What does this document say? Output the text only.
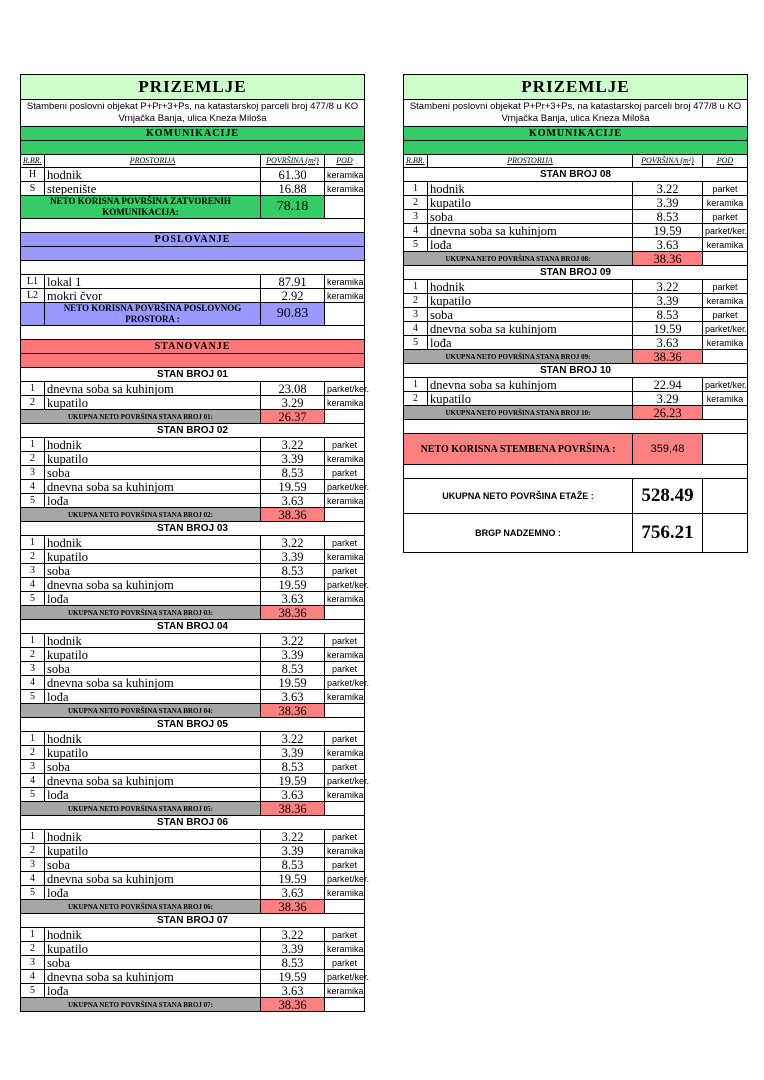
PRIZEMLJE			
Stambeni poslovni objekat P+Pr+3+Ps, na katastarskoj parceli broj 477/8 u KO Vrnjačka Banja, ulica Kneza Miloša			
KOMUNIKACIJE			

R.BR.	PROSTORIJA	POVRŠINA (m²)	POD
H	hodnik	61.30	keramika
S	stepenište	16.88	keramika
NETO KORISNA POVRŠINA ZATVORENIH KOMUNIKACIJA:		78.18	

POSLOVANJE			

L1	lokal 1	87.91	keramika
L2	mokri čvor	2.92	keramika
	NETO KORISNA POVRŠINA POSLOVNOG PROSTORA :	90.83	

STANOVANJE			

STAN BROJ 01			
1	dnevna soba sa kuhinjom	23.08	parket/ker.
2	kupatilo	3.29	keramika
UKUPNA NETO POVRŠINA STANA BROJ 01:		26.37	
STAN BROJ 02			
1	hodnik	3.22	parket
2	kupatilo	3.39	keramika
3	soba	8.53	parket
4	dnevna soba sa kuhinjom	19.59	parket/ker.
5	lođa	3.63	keramika
UKUPNA NETO POVRŠINA STANA BROJ 02:		38.36	
STAN BROJ 03			
1	hodnik	3.22	parket
2	kupatilo	3.39	keramika
3	soba	8.53	parket
4	dnevna soba sa kuhinjom	19.59	parket/ker.
5	lođa	3.63	keramika
UKUPNA NETO POVRŠINA STANA BROJ 03:		38.36	
STAN BROJ 04			
1	hodnik	3.22	parket
2	kupatilo	3.39	keramika
3	soba	8.53	parket
4	dnevna soba sa kuhinjom	19.59	parket/ker.
5	lođa	3.63	keramika
UKUPNA NETO POVRŠINA STANA BROJ 04:		38.36	
STAN BROJ 05			
1	hodnik	3.22	parket
2	kupatilo	3.39	keramika
3	soba	8.53	parket
4	dnevna soba sa kuhinjom	19.59	parket/ker.
5	lođa	3.63	keramika
UKUPNA NETO POVRŠINA STANA BROJ 05:		38.36	
STAN BROJ 06			
1	hodnik	3.22	parket
2	kupatilo	3.39	keramika
3	soba	8.53	parket
4	dnevna soba sa kuhinjom	19.59	parket/ker.
5	lođa	3.63	keramika
UKUPNA NETO POVRŠINA STANA BROJ 06:		38.36	
STAN BROJ 07			
1	hodnik	3.22	parket
2	kupatilo	3.39	keramika
3	soba	8.53	parket
4	dnevna soba sa kuhinjom	19.59	parket/ker.
5	lođa	3.63	keramika
UKUPNA NETO POVRŠINA STANA BROJ 07:		38.36	
PRIZEMLJE			
Stambeni poslovni objekat P+Pr+3+Ps, na katastarskoj parceli broj 477/8 u KO Vrnjačka Banja, ulica Kneza Miloša			
KOMUNIKACIJE			

R.BR.	PROSTORIJA	POVRŠINA (m²)	POD
STAN BROJ 08			
1	hodnik	3.22	parket
2	kupatilo	3.39	keramika
3	soba	8.53	parket
4	dnevna soba sa kuhinjom	19.59	parket/ker.
5	lođa	3.63	keramika
UKUPNA NETO POVRŠINA STANA BROJ 08:		38.36	
STAN BROJ 09			
1	hodnik	3.22	parket
2	kupatilo	3.39	keramika
3	soba	8.53	parket
4	dnevna soba sa kuhinjom	19.59	parket/ker.
5	lođa	3.63	keramika
UKUPNA NETO POVRŠINA STANA BROJ 09:		38.36	
STAN BROJ 10			
1	dnevna soba sa kuhinjom	22.94	parket/ker.
2	kupatilo	3.29	keramika
UKUPNA NETO POVRŠINA STANA BROJ 10:		26.23	

NETO KORISNA STEMBENA POVRŠINA :		359,48	

UKUPNA NETO POVRŠINA ETAŽE :		528.49	
BRGP NADZEMNO :		756.21	
